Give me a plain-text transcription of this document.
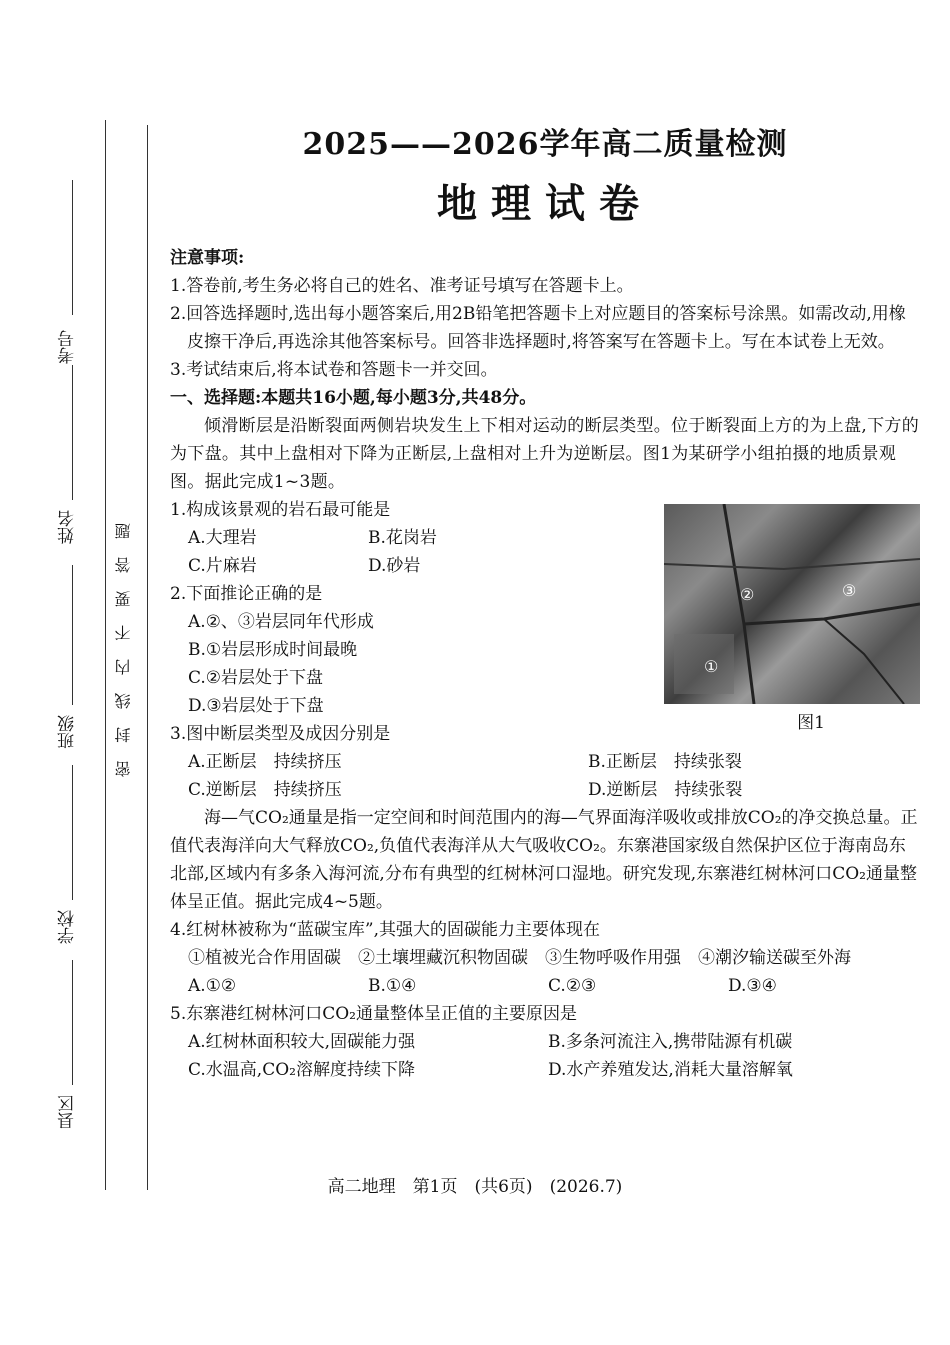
考号
姓名
班级
学校
县区
密封线内不要答题

2025——2026学年高二质量检测

地理试卷

注意事项:

1.答卷前,考生务必将自己的姓名、准考证号填写在答题卡上。

2.回答选择题时,选出每小题答案后,用2B铅笔把答题卡上对应题目的答案标号涂黑。如需改动,用橡皮擦干净后,再选涂其他答案标号。回答非选择题时,将答案写在答题卡上。写在本试卷上无效。

3.考试结束后,将本试卷和答题卡一并交回。

一、选择题:本题共16小题,每小题3分,共48分。

倾滑断层是沿断裂面两侧岩块发生上下相对运动的断层类型。位于断裂面上方的为上盘,下方的为下盘。其中上盘相对下降为正断层,上盘相对上升为逆断层。图1为某研学小组拍摄的地质景观图。据此完成1~3题。

①
②	③
图1

1.构成该景观的岩石最可能是

A.大理岩	B.花岗岩
C.片麻岩	D.砂岩

2.下面推论正确的是

A.②、③岩层同年代形成
B.①岩层形成时间最晚
C.②岩层处于下盘
D.③岩层处于下盘

3.图中断层类型及成因分别是

A.正断层　持续挤压	B.正断层　持续张裂
C.逆断层　持续挤压	D.逆断层　持续张裂

海—气CO₂通量是指一定空间和时间范围内的海—气界面海洋吸收或排放CO₂的净交换总量。正值代表海洋向大气释放CO₂,负值代表海洋从大气吸收CO₂。东寨港国家级自然保护区位于海南岛东北部,区域内有多条入海河流,分布有典型的红树林河口湿地。研究发现,东寨港红树林河口CO₂通量整体呈正值。据此完成4~5题。

4.红树林被称为“蓝碳宝库”,其强大的固碳能力主要体现在

①植被光合作用固碳　②土壤埋藏沉积物固碳　③生物呼吸作用强　④潮汐输送碳至外海

A.①②	B.①④	C.②③	D.③④

5.东寨港红树林河口CO₂通量整体呈正值的主要原因是

A.红树林面积较大,固碳能力强	B.多条河流注入,携带陆源有机碳
C.水温高,CO₂溶解度持续下降	D.水产养殖发达,消耗大量溶解氧
高二地理　第1页　(共6页)　(2026.7)
